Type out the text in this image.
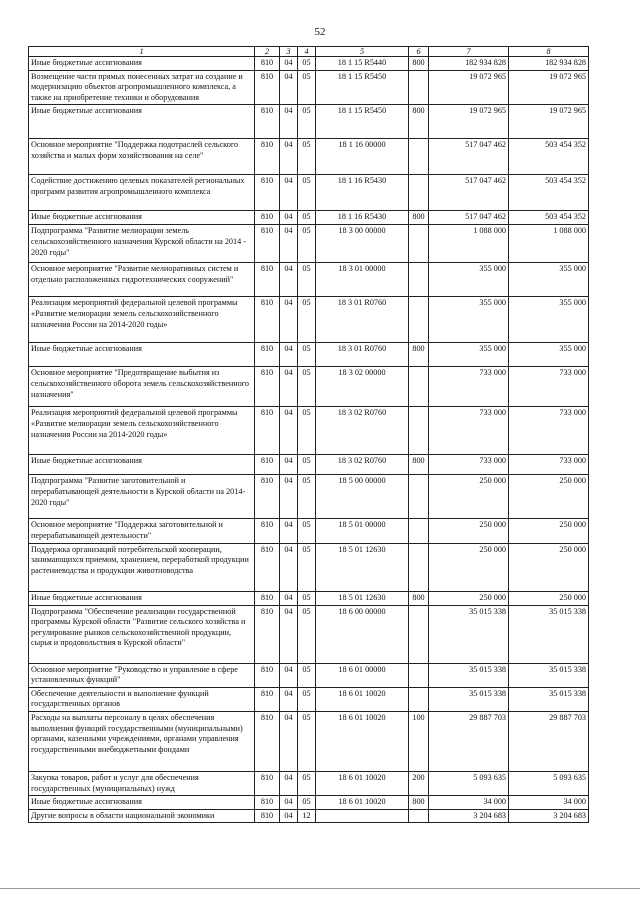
52
1	2	3	4	5	6	7	8
Иные бюджетные ассигнования	810	04	05	18 1 15 R5440	800	182 934 828	182 934 828
Возмещение части прямых понесенных затрат на создание и модернизацию объектов агропромышленного комплекса, а также на приобретение техники и оборудования	810	04	05	18 1 15 R5450		19 072 965	19 072 965
Иные бюджетные ассигнования	810	04	05	18 1 15 R5450	800	19 072 965	19 072 965
Основное мероприятие "Поддержка подотраслей сельского хозяйства и малых форм хозяйствования на селе"	810	04	05	18 1 16 00000		517 047 462	503 454 352
Содействие достижению целевых показателей региональных программ развития агропромышленного комплекса	810	04	05	18 1 16 R5430		517 047 462	503 454 352
Иные бюджетные ассигнования	810	04	05	18 1 16 R5430	800	517 047 462	503 454 352
Подпрограмма "Развитие мелиорации земель сельскохозяйственного назначения Курской области на 2014 - 2020 годы"	810	04	05	18 3 00 00000		1 088 000	1 088 000
Основное мероприятие "Развитие мелиоративных систем и отдельно расположенных гидротехнических сооружений"	810	04	05	18 3 01 00000		355 000	355 000
Реализация мероприятий федеральной целевой программы «Развитие мелиорации земель сельскохозяйственного назначения России на 2014-2020 годы»	810	04	05	18 3 01 R0760		355 000	355 000
Иные бюджетные ассигнования	810	04	05	18 3 01 R0760	800	355 000	355 000
Основное мероприятие "Предотвращение выбытия из сельскохозяйственного оборота земель сельскохозяйственного назначения"	810	04	05	18 3 02 00000		733 000	733 000
Реализация мероприятий федеральной целевой программы «Развитие мелиорации земель сельскохозяйственного назначения России на 2014-2020 годы»	810	04	05	18 3 02 R0760		733 000	733 000
Иные бюджетные ассигнования	810	04	05	18 3 02 R0760	800	733 000	733 000
Подпрограмма "Развитие заготовительной и перерабатывающей деятельности в Курской области на 2014-2020 годы"	810	04	05	18 5 00 00000		250 000	250 000
Основное мероприятие "Поддержка заготовительной и перерабатывающей деятельности"	810	04	05	18 5 01 00000		250 000	250 000
Поддержка организаций потребительской кооперации, занимающихся приемом, хранением, переработкой продукции растениеводства и продукции животноводства	810	04	05	18 5 01 12630		250 000	250 000
Иные бюджетные ассигнования	810	04	05	18 5 01 12630	800	250 000	250 000
Подпрограмма "Обеспечение реализации государственной программы Курской области "Развитие сельского хозяйства и регулирование рынков сельскохозяйственной продукции, сырья и продовольствия в Курской области"	810	04	05	18 6 00 00000		35 015 338	35 015 338
Основное мероприятие "Руководство и управление в сфере установленных функций"	810	04	05	18 6 01 00000		35 015 338	35 015 338
Обеспечение деятельности и выполнение функций государственных органов	810	04	05	18 6 01 10020		35 015 338	35 015 338
Расходы на выплаты персоналу в целях обеспечения выполнения функций государственными (муниципальными) органами, казенными учреждениями, органами управления государственными внебюджетными фондами	810	04	05	18 6 01 10020	100	29 887 703	29 887 703
Закупка товаров, работ и услуг для обеспечения государственных (муниципальных) нужд	810	04	05	18 6 01 10020	200	5 093 635	5 093 635
Иные бюджетные ассигнования	810	04	05	18 6 01 10020	800	34 000	34 000
Другие вопросы в области национальной экономики	810	04	12			3 204 683	3 204 683
